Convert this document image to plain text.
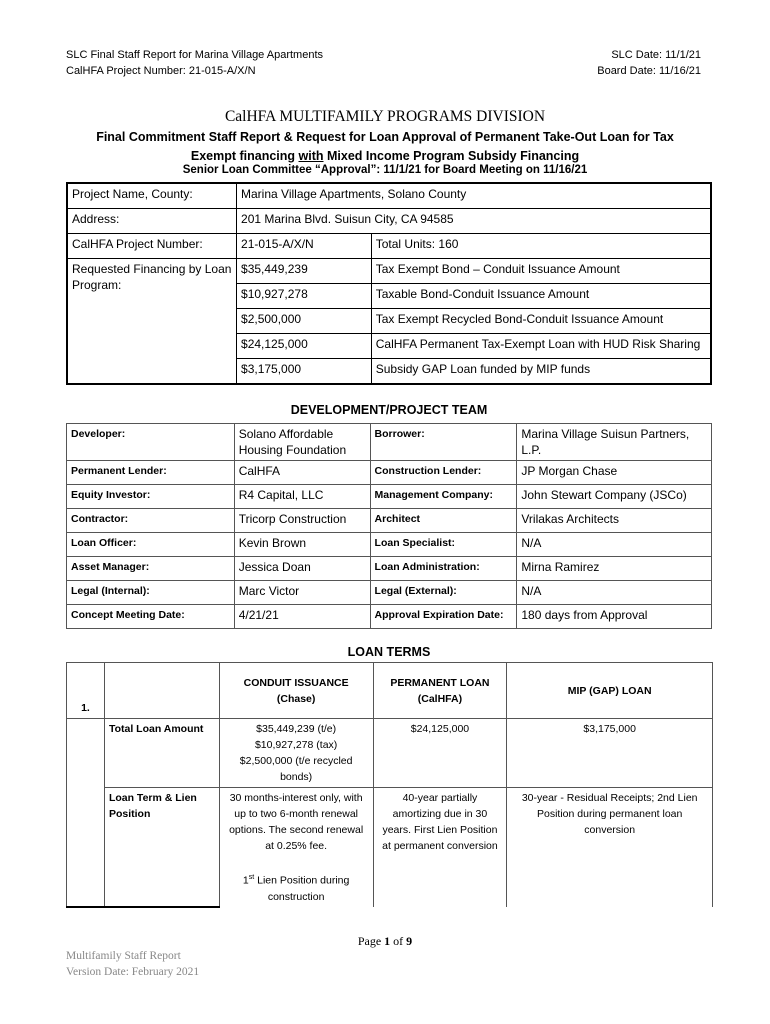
SLC Final Staff Report for Marina Village Apartments
CalHFA Project Number: 21-015-A/X/N
SLC Date: 11/1/21
Board Date: 11/16/21
CalHFA MULTIFAMILY PROGRAMS DIVISION
Final Commitment Staff Report & Request for Loan Approval of Permanent Take-Out Loan for Tax
Exempt financing with Mixed Income Program Subsidy Financing
Senior Loan Committee “Approval”: 11/1/21 for Board Meeting on 11/16/21
Project Name, County:	Marina Village Apartments, Solano County	
Address:	201 Marina Blvd. Suisun City, CA 94585	
CalHFA Project Number:	21-015-A/X/N	Total Units: 160
Requested Financing by Loan Program:	$35,449,239	Tax Exempt Bond – Conduit Issuance Amount
	$10,927,278	Taxable Bond-Conduit Issuance Amount
	$2,500,000	Tax Exempt Recycled Bond-Conduit Issuance Amount
	$24,125,000	CalHFA Permanent Tax-Exempt Loan with HUD Risk Sharing
	$3,175,000	Subsidy GAP Loan funded by MIP funds
DEVELOPMENT/PROJECT TEAM
Developer:	Solano Affordable Housing Foundation	Borrower:	Marina Village Suisun Partners, L.P.
Permanent Lender:	CalHFA	Construction Lender:	JP Morgan Chase
Equity Investor:	R4 Capital, LLC	Management Company:	John Stewart Company (JSCo)
Contractor:	Tricorp Construction	Architect	Vrilakas Architects
Loan Officer:	Kevin Brown	Loan Specialist:	N/A
Asset Manager:	Jessica Doan	Loan Administration:	Mirna Ramirez
Legal (Internal):	Marc Victor	Legal (External):	N/A
Concept Meeting Date:	4/21/21	Approval Expiration Date:	180 days from Approval
LOAN TERMS
1.		CONDUIT ISSUANCE (Chase)	PERMANENT LOAN (CalHFA)	MIP (GAP) LOAN
	Total Loan Amount	$35,449,239 (t/e)
$10,927,278 (tax)
$2,500,000 (t/e recycled bonds)	$24,125,000	$3,175,000
	Loan Term & Lien Position	30 months-interest only, with up to two 6-month renewal options. The second renewal at 0.25% fee.
1st Lien Position during construction	40-year partially amortizing due in 30 years. First Lien Position at permanent conversion	30-year - Residual Receipts; 2nd Lien Position during permanent loan conversion
Page 1 of 9
Multifamily Staff Report
Version Date: February 2021
